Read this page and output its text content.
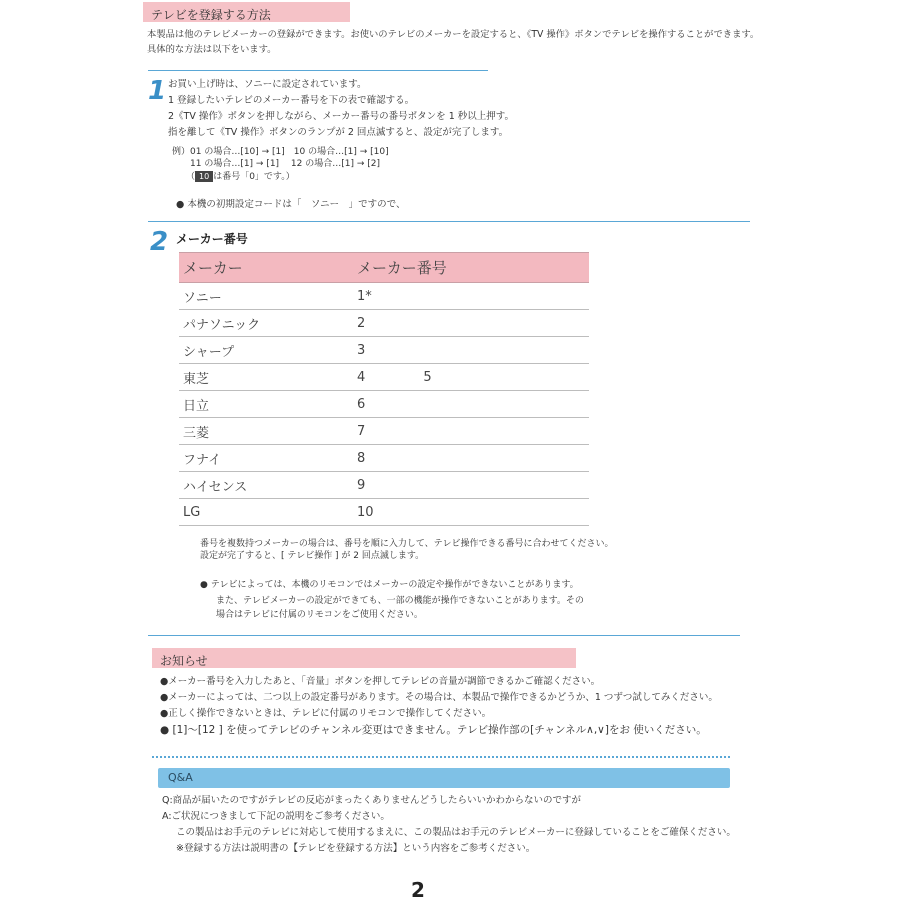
テレビを登録する方法
本製品は他のテレビメーカーの登録ができます。お使いのテレビのメーカーを設定すると、《TV 操作》ボタンでテレビを操作することができます。
具体的な方法は以下をいます。
1 お買い上げ時は、ソニーに設定されています。
1 登録したいテレビのメーカー番号を下の表で確認する。
2《TV 操作》ボタンを押しながら、メーカー番号の番号ボタンを 1 秒以上押す。
指を離して《TV 操作》ボタンのランプが 2 回点滅すると、設定が完了します。
例）01 の場合…[10] → [1]　10 の場合…[1] → [10]
11 の場合…[1] → [1]　 12 の場合…[1] → [2]
（ 10 は番号「0」です。）
● 本機の初期設定コードは「　ソニー　」ですので、
2 メーカー番号
メーカー	メーカー番号
ソニー	1*
パナソニック	2
シャープ	3
東芝	4 5
日立	6
三菱	7
フナイ	8
ハイセンス	9
LG	10
番号を複数持つメーカーの場合は、番号を順に入力して、テレビ操作できる番号に合わせてください。
設定が完了すると、[ テレビ操作 ] が 2 回点滅します。
● テレビによっては、本機のリモコンではメーカーの設定や操作ができないことがあります。
また、テレビメーカーの設定ができても、一部の機能が操作できないことがあります。その
場合はテレビに付属のリモコンをご使用ください。
お知らせ
●メーカー番号を入力したあと、「音量」ボタンを押してテレビの音量が調節できるかご確認ください。
●メーカーによっては、二つ以上の設定番号があります。その場合は、本製品で操作できるかどうか、1 つずつ試してみください。
●正しく操作できないときは、テレビに付属のリモコンで操作してください。
● [1]～[12 ] を使ってテレビのチャンネル変更はできません。テレビ操作部の[チャンネル∧,∨]をお 使いください。
Q&A
Q:商品が届いたのですがテレビの反応がまったくありませんどうしたらいいかわからないのですが
A:ご状況につきまして下記の説明をご参考ください。
この製品はお手元のテレビに対応して使用するまえに、この製品はお手元のテレビメーカーに登録していることをご確保ください。
※登録する方法は説明書の【テレビを登録する方法】という内容をご参考ください。
2
